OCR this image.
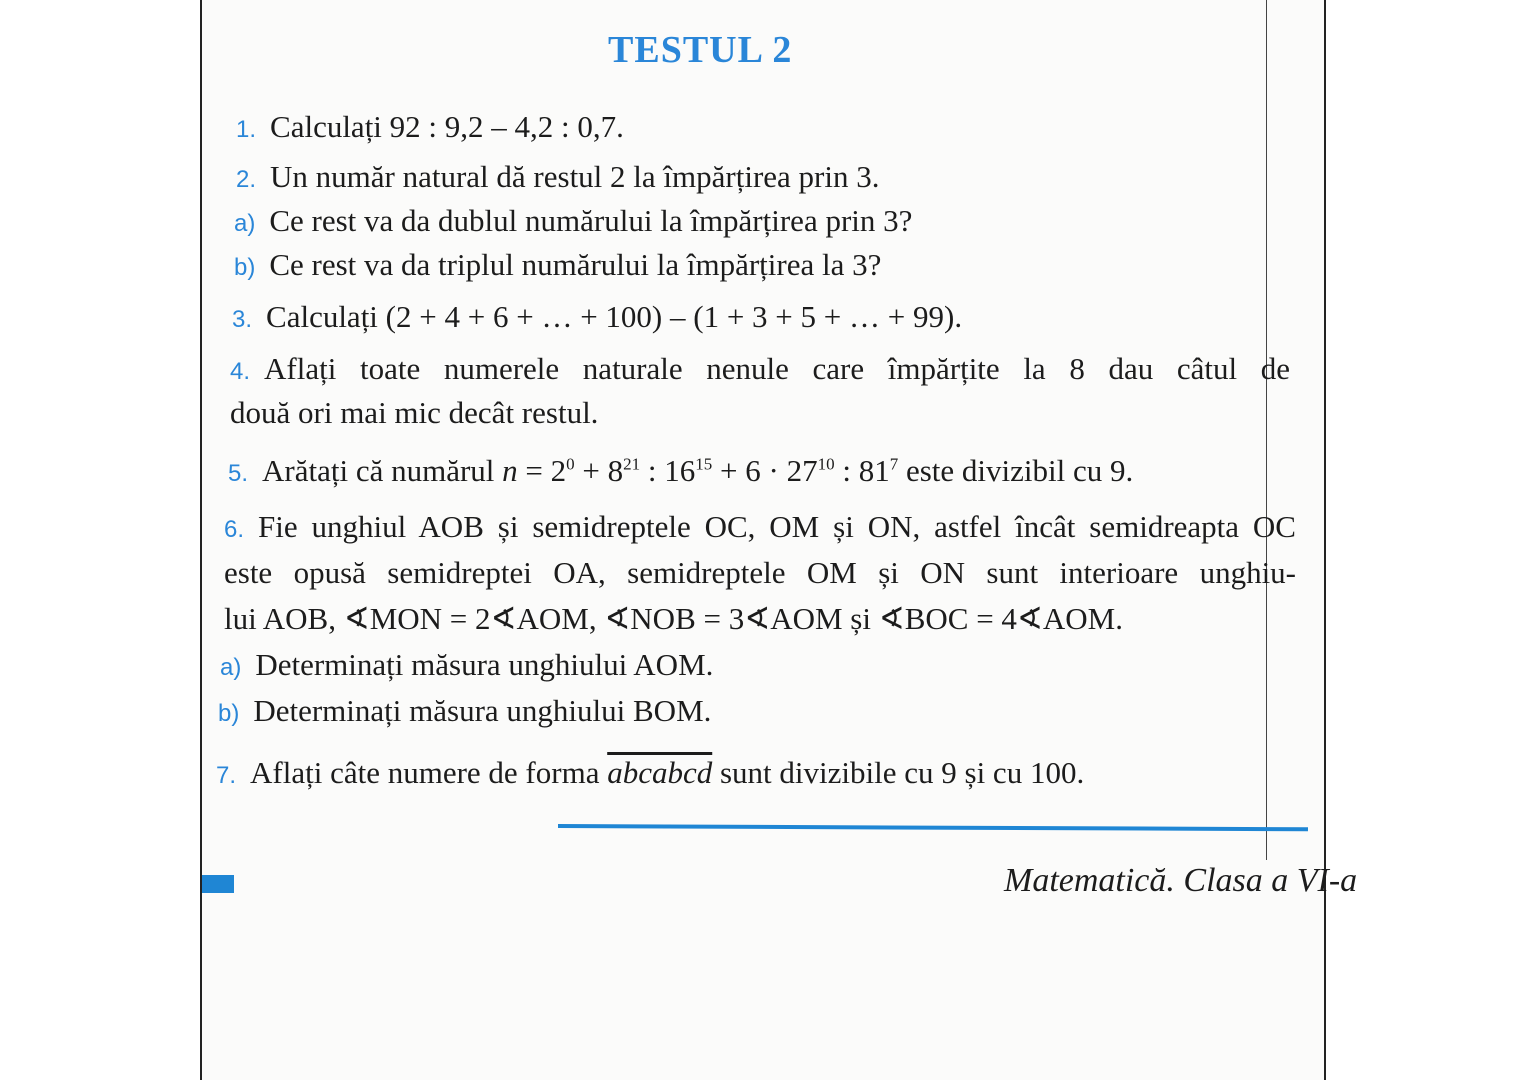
TESTUL 2
1. Calculați 92 : 9,2 – 4,2 : 0,7.
2. Un număr natural dă restul 2 la împărțirea prin 3.
a) Ce rest va da dublul numărului la împărțirea prin 3?
b) Ce rest va da triplul numărului la împărțirea la 3?
3. Calculați (2 + 4 + 6 + … + 100) – (1 + 3 + 5 + … + 99).
4. Aflați toate numerele naturale nenule care împărțite la 8 dau câtul de
două ori mai mic decât restul.
5. Arătați că numărul $n = 2^0 + 8^{21}$ : $16^{15} + 6 \cdot 27^{10}$ : $81^7$ este divizibil cu 9.
6. Fie unghiul AOB și semidreptele OC, OM și ON, astfel încât semidreapta OC
este opusă semidreptei OA, semidreptele OM și ON sunt interioare unghiu-
lui AOB, ∢MON = 2∢AOM, ∢NOB = 3∢AOM și ∢BOC = 4∢AOM.
a) Determinați măsura unghiului AOM.
b) Determinați măsura unghiului BOM.
7. Aflați câte numere de forma abcabcd sunt divizibile cu 9 și cu 100.
Matematică. Clasa a VI-a
